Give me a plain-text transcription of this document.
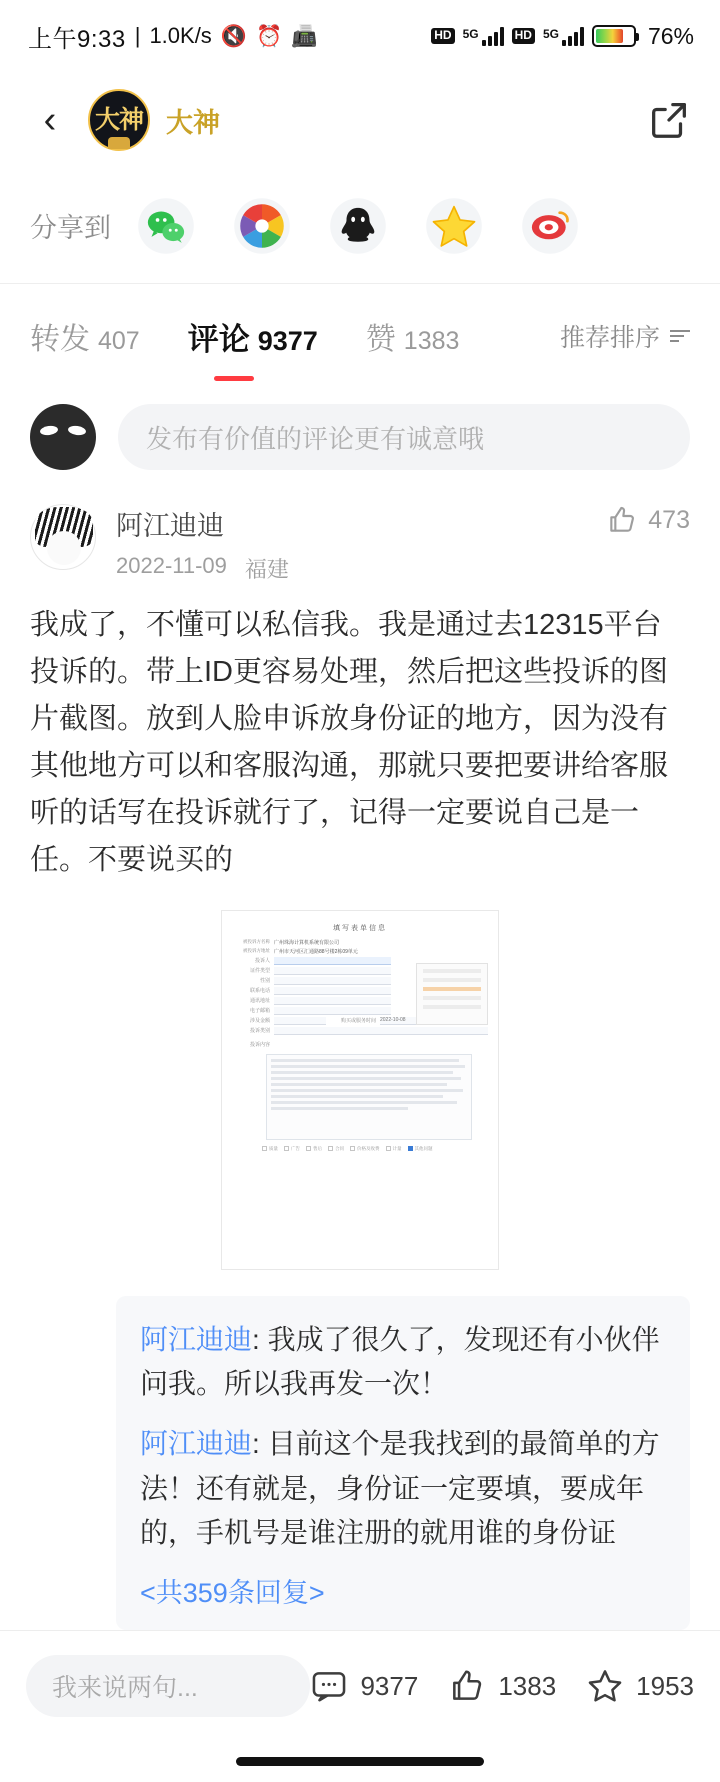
上午9:33 | 1.0K/s 🔇 ⏰ 📠	HD 5G	HD 5G	76%
‹	大神 大神
分享到
转发 407 评论 9377 赞 1383	推荐排序
发布有价值的评论更有诚意哦
阿江迪迪
2022-11-09 福建
473
我成了，不懂可以私信我。我是通过去12315平台投诉的。带上ID更容易处理，然后把这些投诉的图片截图。放到人脸申诉放身份证的地方，因为没有其他地方可以和客服沟通，那就只要把要讲给客服听的话写在投诉就行了，记得一定要说自己是一任。不要说买的
填写表单信息
被投诉方名称 广州珠海计算机系统有限公司
被投诉方地址 广州市天河区汇通路88号楼2栋09单元
投诉人
证件类型
性别
联系电话
通讯地址
电子邮箱
涉及金额	购买或服务时间 2022-10-08
投诉类别
投诉内容
质量	广告	售后	合同	价格及收费	计量	其他问题
阿江迪迪: 我成了很久了，发现还有小伙伴问我。所以我再发一次！
阿江迪迪: 目前这个是我找到的最简单的方法！还有就是，身份证一定要填，要成年的，手机号是谁注册的就用谁的身份证
<共359条回复>
我来说两句...	9377	1383	1953
